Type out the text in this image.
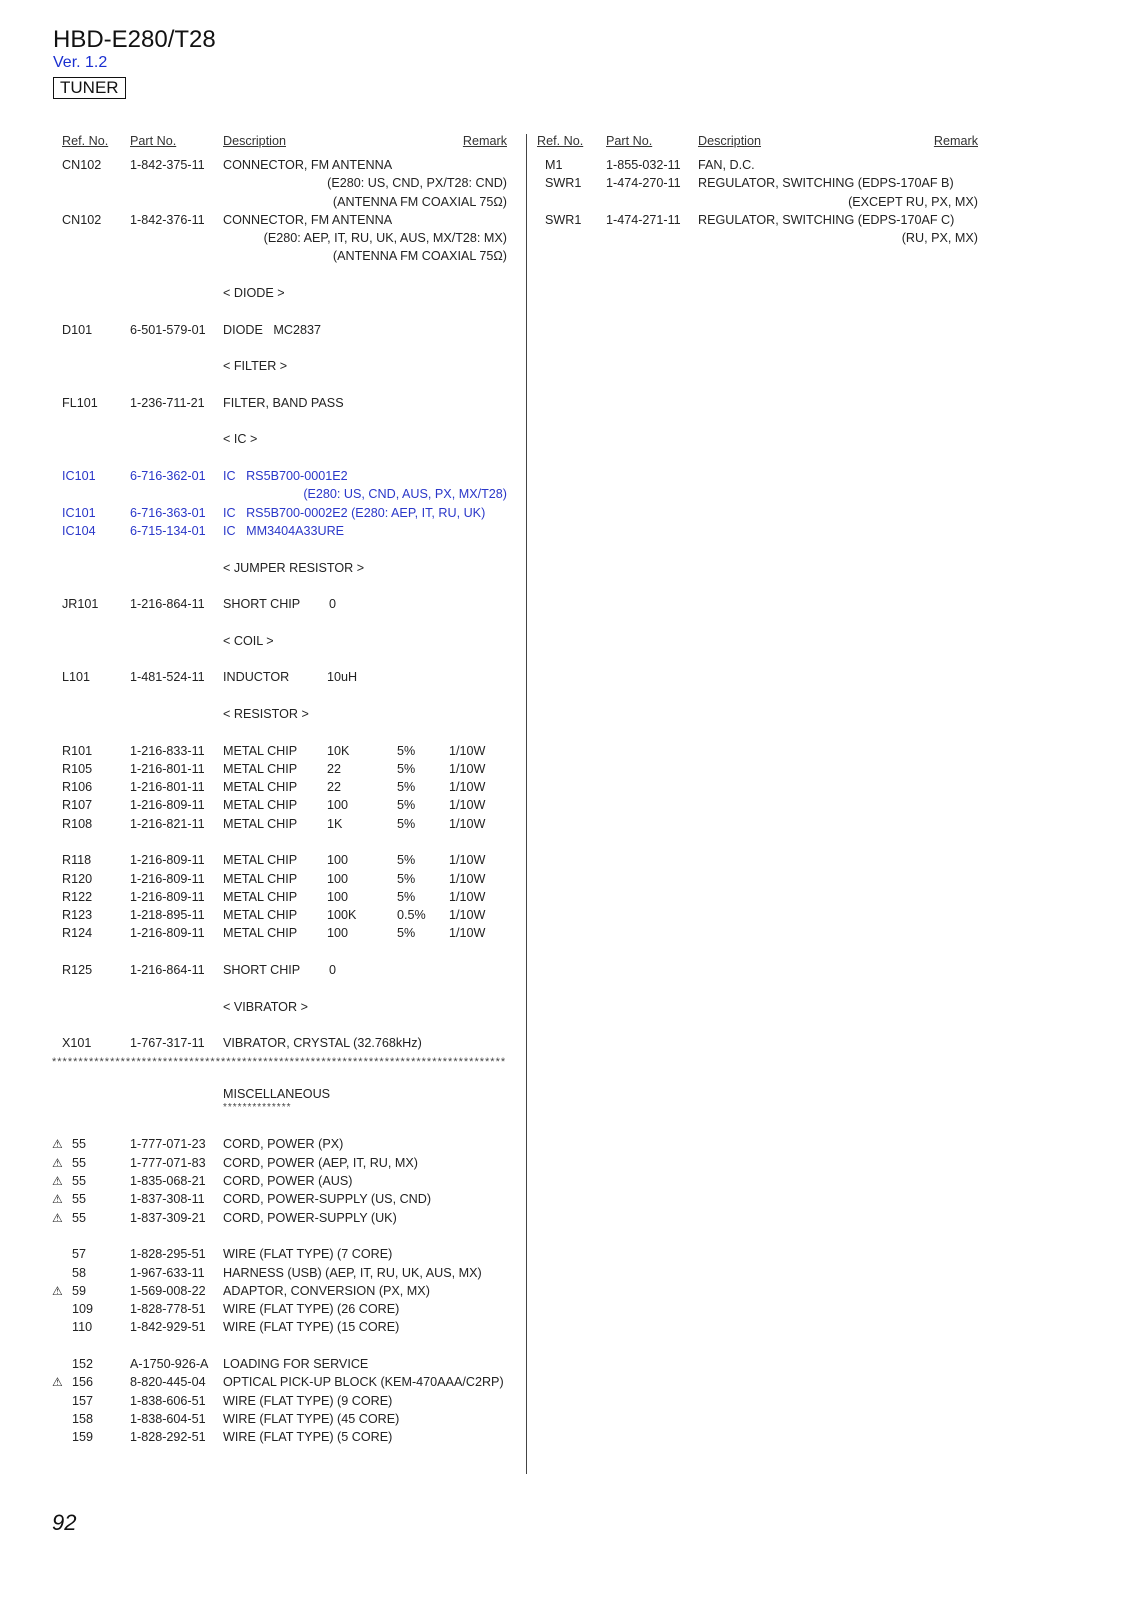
HBD-E280/T28
Ver. 1.2
TUNER
Ref. No. Part No.	Description	Remark
CN102 1-842-375-11 CONNECTOR, FM ANTENNA
(E280: US, CND, PX/T28: CND)
(ANTENNA FM COAXIAL 75Ω)
CN102 1-842-376-11 CONNECTOR, FM ANTENNA
(E280: AEP, IT, RU, UK, AUS, MX/T28: MX)
(ANTENNA FM COAXIAL 75Ω)
< DIODE >
D101	6-501-579-01 DIODE   MC2837
< FILTER >
FL101	1-236-711-21 FILTER, BAND PASS
< IC >
IC101	6-716-362-01 IC   RS5B700-0001E2
(E280: US, CND, AUS, PX, MX/T28)
IC101	6-716-363-01 IC   RS5B700-0002E2 (E280: AEP, IT, RU, UK)
IC104	6-715-134-01 IC   MM3404A33URE
< JUMPER RESISTOR >
JR101	1-216-864-11 SHORT CHIP 0
< COIL >
L101	1-481-524-11 INDUCTOR	10uH
< RESISTOR >
R101	1-216-833-11 METAL CHIP 10K	5%	1/10W
R105	1-216-801-11 METAL CHIP 22	5%	1/10W
R106	1-216-801-11 METAL CHIP 22	5%	1/10W
R107	1-216-809-11 METAL CHIP 100	5%	1/10W
R108	1-216-821-11 METAL CHIP 1K	5%	1/10W
R118	1-216-809-11 METAL CHIP 100	5%	1/10W
R120	1-216-809-11 METAL CHIP 100	5%	1/10W
R122	1-216-809-11 METAL CHIP 100	5%	1/10W
R123	1-218-895-11 METAL CHIP 100K	0.5% 1/10W
R124	1-216-809-11 METAL CHIP 100	5%	1/10W
R125	1-216-864-11 SHORT CHIP 0
< VIBRATOR >
X101	1-767-317-11 VIBRATOR, CRYSTAL (32.768kHz)
**************************************************************************************
MISCELLANEOUS
**************
⚠ 55	1-777-071-23 CORD, POWER (PX)
⚠ 55	1-777-071-83 CORD, POWER (AEP, IT, RU, MX)
⚠ 55	1-835-068-21 CORD, POWER (AUS)
⚠ 55	1-837-308-11 CORD, POWER-SUPPLY (US, CND)
⚠ 55	1-837-309-21 CORD, POWER-SUPPLY (UK)
57	1-828-295-51 WIRE (FLAT TYPE) (7 CORE)
58	1-967-633-11 HARNESS (USB) (AEP, IT, RU, UK, AUS, MX)
⚠ 59	1-569-008-22 ADAPTOR, CONVERSION (PX, MX)
109	1-828-778-51 WIRE (FLAT TYPE) (26 CORE)
110	1-842-929-51 WIRE (FLAT TYPE) (15 CORE)
152	A-1750-926-A LOADING FOR SERVICE
⚠ 156	8-820-445-04 OPTICAL PICK-UP BLOCK (KEM-470AAA/C2RP)
157	1-838-606-51 WIRE (FLAT TYPE) (9 CORE)
158	1-838-604-51 WIRE (FLAT TYPE) (45 CORE)
159	1-828-292-51 WIRE (FLAT TYPE) (5 CORE)
Ref. No. Part No.	Description	Remark
M1	1-855-032-11 FAN, D.C.
SWR1 1-474-270-11 REGULATOR, SWITCHING (EDPS-170AF B)
(EXCEPT RU, PX, MX)
SWR1 1-474-271-11 REGULATOR, SWITCHING (EDPS-170AF C)
(RU, PX, MX)
92
